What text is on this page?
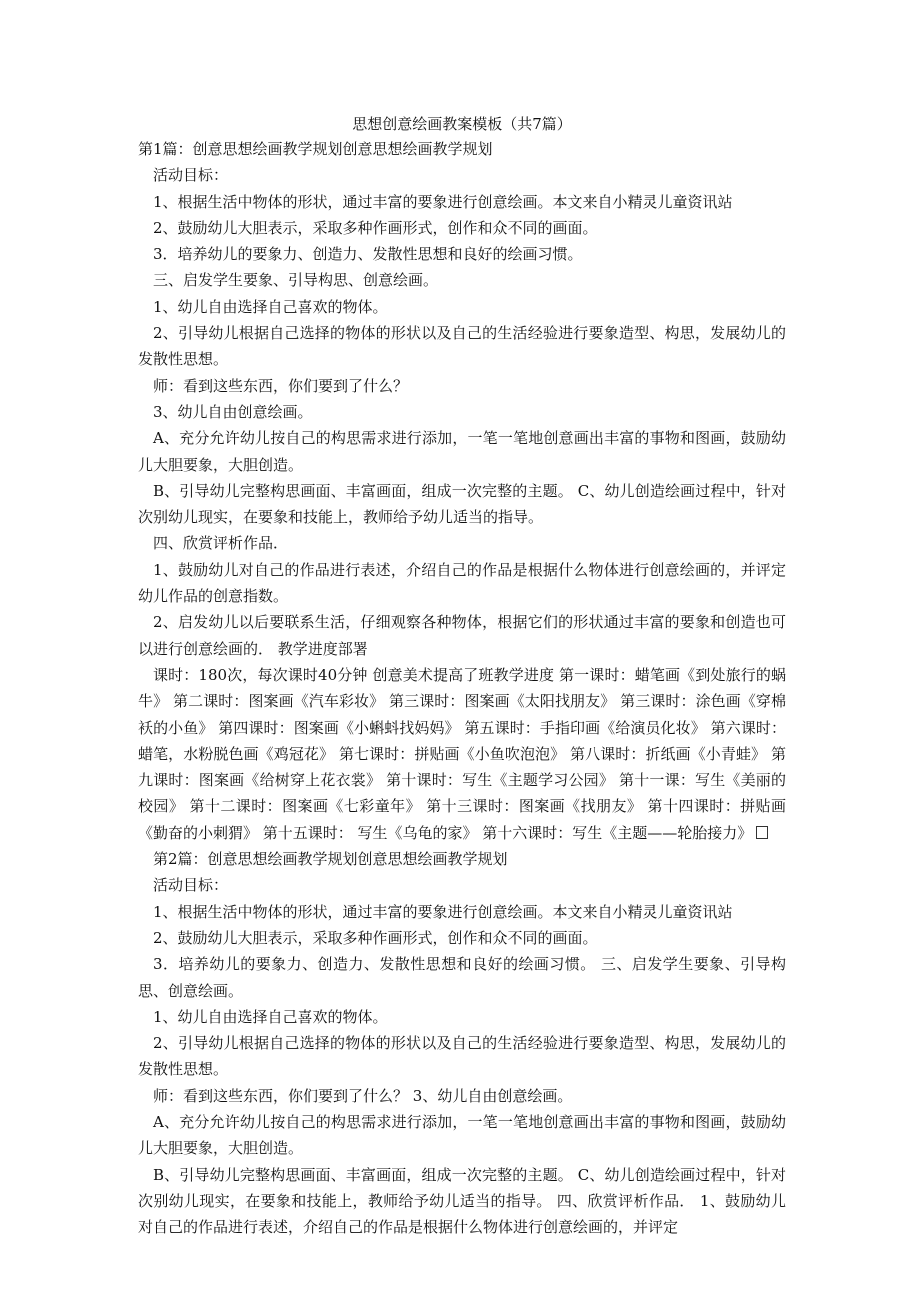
思想创意绘画教案模板（共7篇）

第1篇：创意思想绘画教学规划创意思想绘画教学规划

活动目标：

1、根据生活中物体的形状，通过丰富的要象进行创意绘画。本文来自小精灵儿童资讯站

2、鼓励幼儿大胆表示，采取多种作画形式，创作和众不同的画面。

3．培养幼儿的要象力、创造力、发散性思想和良好的绘画习惯。

三、启发学生要象、引导构思、创意绘画。

1、幼儿自由选择自己喜欢的物体。

2、引导幼儿根据自己选择的物体的形状以及自己的生活经验进行要象造型、构思，发展幼儿的发散性思想。

师：看到这些东西，你们要到了什么？

3、幼儿自由创意绘画。

A、充分允许幼儿按自己的构思需求进行添加，一笔一笔地创意画出丰富的事物和图画，鼓励幼儿大胆要象，大胆创造。

B、引导幼儿完整构思画面、丰富画面，组成一次完整的主题。 C、幼儿创造绘画过程中，针对次别幼儿现实，在要象和技能上，教师给予幼儿适当的指导。

四、欣赏评析作品．

1、鼓励幼儿对自己的作品进行表述，介绍自己的作品是根据什么物体进行创意绘画的，并评定幼儿作品的创意指数。

2、启发幼儿以后要联系生活，仔细观察各种物体，根据它们的形状通过丰富的要象和创造也可以进行创意绘画的． 教学进度部署

课时：180次，每次课时40分钟 创意美术提高了班教学进度 第一课时：蜡笔画《到处旅行的蜗牛》 第二课时：图案画《汽车彩妆》 第三课时：图案画《太阳找朋友》 第三课时：涂色画《穿棉袄的小鱼》 第四课时：图案画《小蝌蚪找妈妈》 第五课时：手指印画《给演员化妆》 第六课时：蜡笔，水粉脱色画《鸡冠花》 第七课时：拼贴画《小鱼吹泡泡》 第八课时：折纸画《小青蛙》 第九课时：图案画《给树穿上花衣裳》 第十课时：写生《主题学习公园》 第十一课：写生《美丽的校园》 第十二课时：图案画《七彩童年》 第十三课时：图案画《找朋友》 第十四课时：拼贴画《勤奋的小刺猬》 第十五课时： 写生《乌龟的家》 第十六课时：写生《主题——轮胎接力》

第2篇：创意思想绘画教学规划创意思想绘画教学规划

活动目标：

1、根据生活中物体的形状，通过丰富的要象进行创意绘画。本文来自小精灵儿童资讯站

2、鼓励幼儿大胆表示，采取多种作画形式，创作和众不同的画面。

3．培养幼儿的要象力、创造力、发散性思想和良好的绘画习惯。 三、启发学生要象、引导构思、创意绘画。

1、幼儿自由选择自己喜欢的物体。

2、引导幼儿根据自己选择的物体的形状以及自己的生活经验进行要象造型、构思，发展幼儿的发散性思想。

师：看到这些东西，你们要到了什么？ 3、幼儿自由创意绘画。

A、充分允许幼儿按自己的构思需求进行添加，一笔一笔地创意画出丰富的事物和图画，鼓励幼儿大胆要象，大胆创造。

B、引导幼儿完整构思画面、丰富画面，组成一次完整的主题。 C、幼儿创造绘画过程中，针对次别幼儿现实，在要象和技能上，教师给予幼儿适当的指导。 四、欣赏评析作品． 1、鼓励幼儿对自己的作品进行表述，介绍自己的作品是根据什么物体进行创意绘画的，并评定
